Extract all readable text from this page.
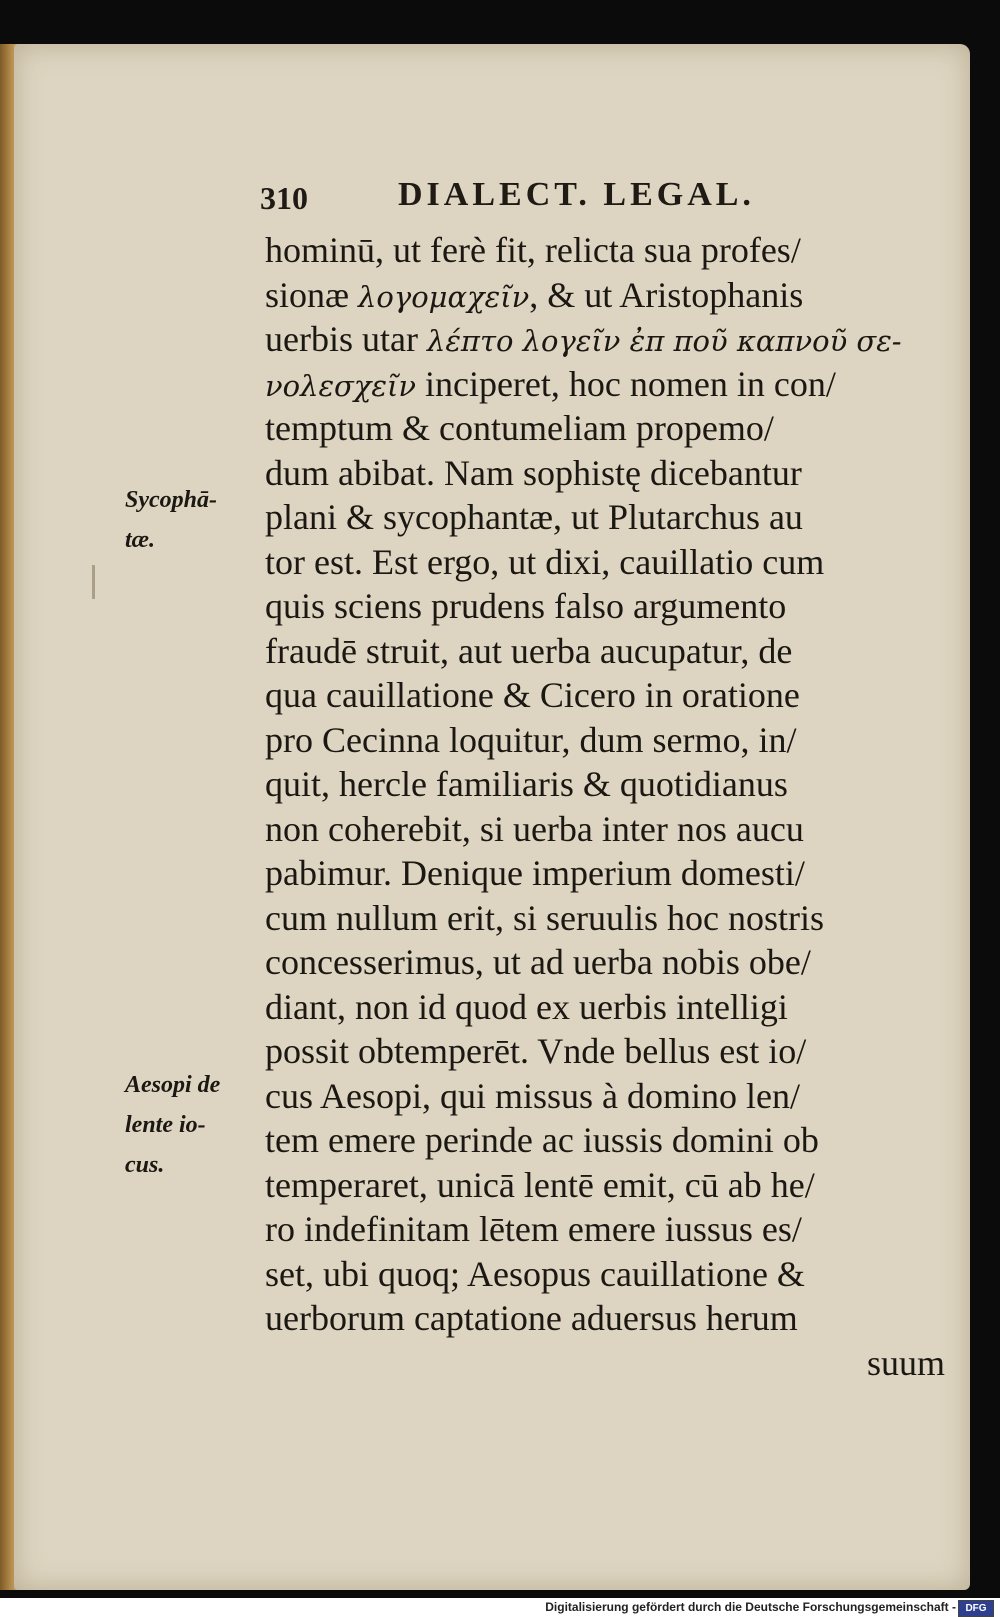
310	DIALECT. LEGAL.
Sycophā-
tæ.
Aesopi de
lente io-
cus.
hominū, ut ferè fit, relicta sua profes/
sionæ λογομαχεῖν, & ut Aristophanis
uerbis utar λέπτο λογεῖν ἐπ ποῦ καπνοῦ σε-
νολεσχεῖν inciperet, hoc nomen in con/
temptum & contumeliam propemo/
dum abibat. Nam sophistę dicebantur
plani & sycophantæ, ut Plutarchus au
tor est. Est ergo, ut dixi, cauillatio cum
quis sciens prudens falso argumento
fraudē struit, aut uerba aucupatur, de
qua cauillatione & Cicero in oratione
pro Cecinna loquitur, dum sermo, in/
quit, hercle familiaris & quotidianus
non coherebit, si uerba inter nos aucu
pabimur. Denique imperium domesti/
cum nullum erit, si seruulis hoc nostris
concesserimus, ut ad uerba nobis obe/
diant, non id quod ex uerbis intelligi
possit obtemperēt. Vnde bellus est io/
cus Aesopi, qui missus à domino len/
tem emere perinde ac iussis domini ob
temperaret, unicā lentē emit, cū ab he/
ro indefinitam lētem emere iussus es/
set, ubi quoq; Aesopus cauillatione &
uerborum captatione aduersus herum
suum
Digitalisierung gefördert durch die Deutsche Forschungsgemeinschaft - DFG
